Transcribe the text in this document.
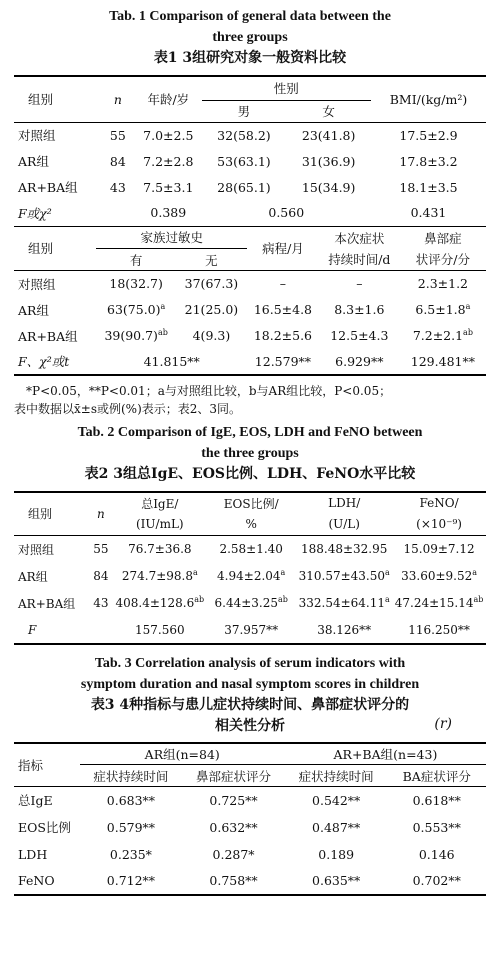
Tab. 1 Comparison of general data between the
three groups
表1 3组研究对象一般资料比较
组别	n	年龄/岁	性别		BMI/(kg/m²)
			男	女	
对照组	55	7.0±2.5	32(58.2)	23(41.8)	17.5±2.9
AR组	84	7.2±2.8	53(63.1)	31(36.9)	17.8±3.2
AR+BA组	43	7.5±3.1	28(65.1)	15(34.9)	18.1±3.5
F或χ²		0.389	0.560		0.431
组别	家族过敏史		病程/月	本次症状	鼻部症
	有	无		持续时间/d	状评分/分
对照组	18(32.7)	37(67.3)	–	–	2.3±1.2
AR组	$63(75.0)^a$	21(25.0)	16.5±4.8	8.3±1.6	6.5±1.8$^a$
AR+BA组	$39(90.7)^{ab}$	4(9.3)	18.2±5.6	12.5±4.3	7.2±2.1$^{ab}$
F、χ²或t	41.815**		12.579**	6.929**	129.481**
*P<0.05，**P<0.01；a与对照组比较，b与AR组比较，P<0.05；
表中数据以x̄±s或例(%)表示；表2、3同。
Tab. 2 Comparison of IgE, EOS, LDH and FeNO between
the three groups
表2 3组总IgE、EOS比例、LDH、FeNO水平比较
组别	n	总IgE/	EOS比例/	LDH/	FeNO/
		(IU/mL)	%	(U/L)	(×10⁻⁹)
对照组	55	76.7±36.8	2.58±1.40	188.48±32.95	15.09±7.12
AR组	84	274.7±98.8$^a$	4.94±2.04$^a$	310.57±43.50$^a$	33.60±9.52$^a$
AR+BA组	43	408.4±128.6$^{ab}$	6.44±3.25$^{ab}$	332.54±64.11$^a$	47.24±15.14$^{ab}$
F		157.560	37.957**	38.126**	116.250**
Tab. 3 Correlation analysis of serum indicators with
symptom duration and nasal symptom scores in children
表3 4种指标与患儿症状持续时间、鼻部症状评分的
相关性分析	(r)
指标	AR组(n=84)		AR+BA组(n=43)	
	症状持续时间	鼻部症状评分	症状持续时间	BA症状评分
总IgE	0.683**	0.725**	0.542**	0.618**
EOS比例	0.579**	0.632**	0.487**	0.553**
LDH	0.235*	0.287*	0.189	0.146
FeNO	0.712**	0.758**	0.635**	0.702**
